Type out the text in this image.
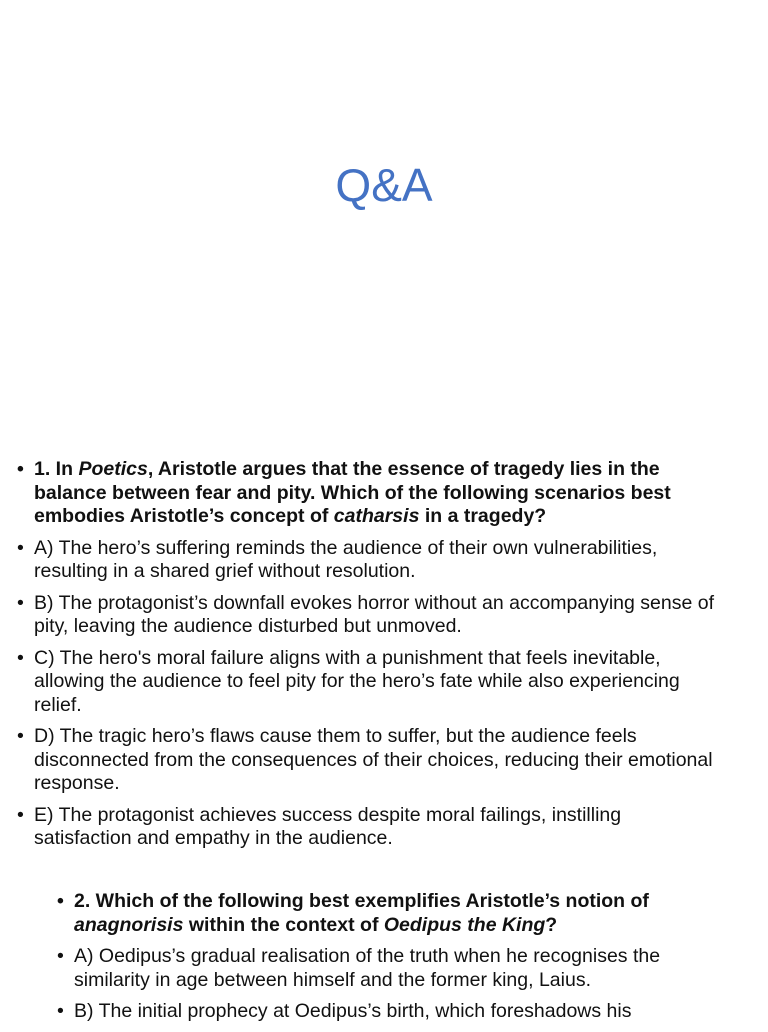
Q&A
• 1. In Poetics, Aristotle argues that the essence of tragedy lies in the balance between fear and pity. Which of the following scenarios best embodies Aristotle’s concept of catharsis in a tragedy?
• A) The hero’s suffering reminds the audience of their own vulnerabilities, resulting in a shared grief without resolution.
• B) The protagonist’s downfall evokes horror without an accompanying sense of pity, leaving the audience disturbed but unmoved.
• C) The hero's moral failure aligns with a punishment that feels inevitable, allowing the audience to feel pity for the hero’s fate while also experiencing relief.
• D) The tragic hero’s flaws cause them to suffer, but the audience feels disconnected from the consequences of their choices, reducing their emotional response.
• E) The protagonist achieves success despite moral failings, instilling satisfaction and empathy in the audience.
• 2. Which of the following best exemplifies Aristotle’s notion of anagnorisis within the context of Oedipus the King?
• A) Oedipus’s gradual realisation of the truth when he recognises the similarity in age between himself and the former king, Laius.
• B) The initial prophecy at Oedipus’s birth, which foreshadows his
